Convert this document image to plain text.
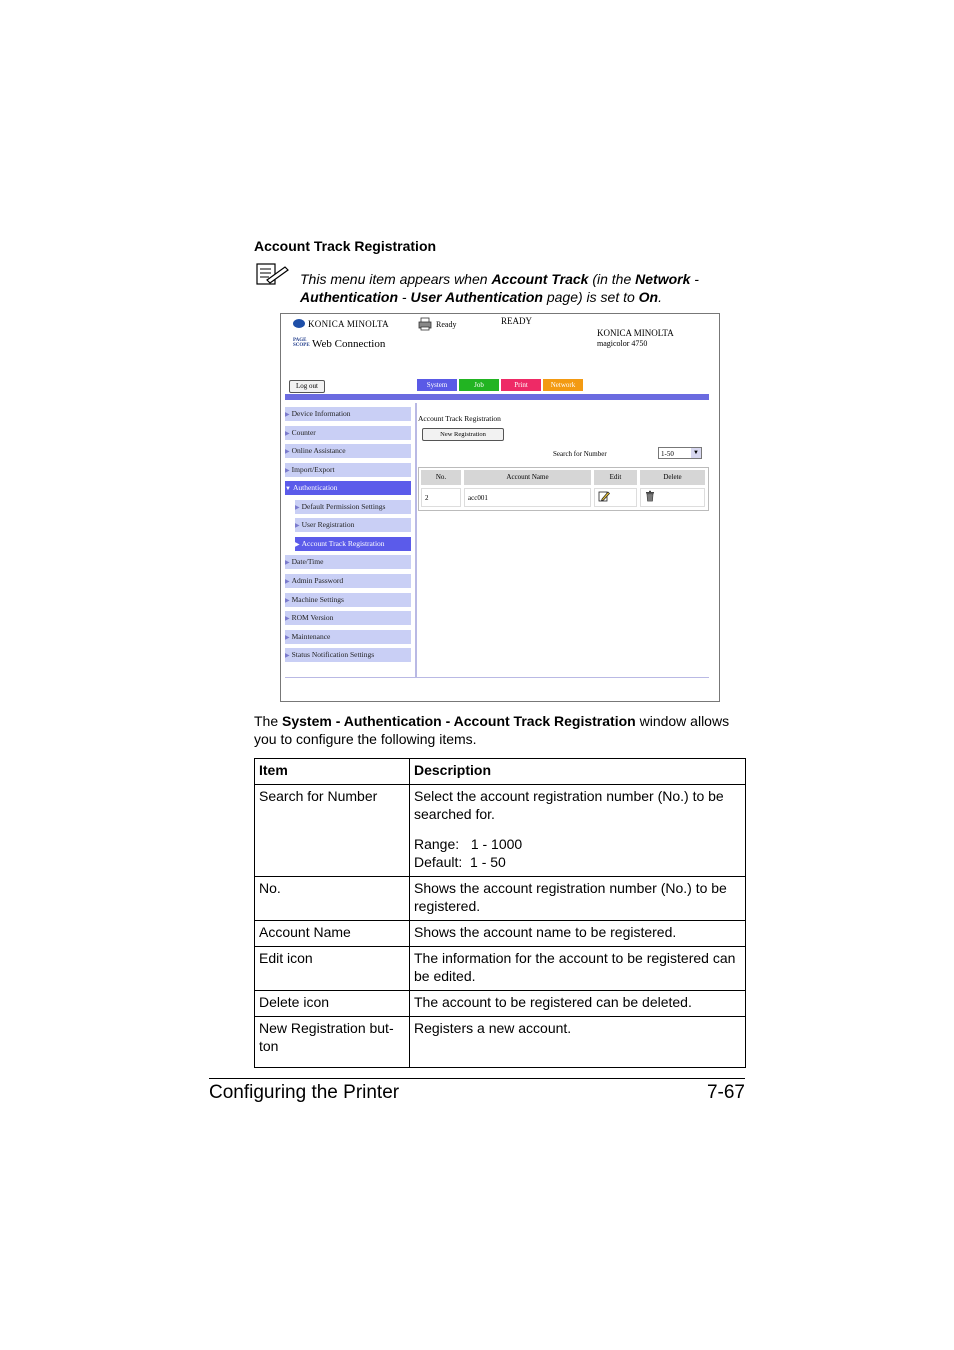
Account Track Registration
This menu item appears when Account Track (in the Network - Authentication - User Authentication page) is set to On.
KONICA MINOLTA
PAGE SCOPE Web Connection
Ready	READY
KONICA MINOLTA
magicolor 4750
Log out	System	Job	Print	Network
▶ Device Information
▶ Counter
▶ Online Assistance
▶ Import/Export
▼ Authentication
▶ Default Permission Settings
▶ User Registration
▶ Account Track Registration
▶ Date/Time
▶ Admin Password
▶ Machine Settings
▶ ROM Version
▶ Maintenance
▶ Status Notification Settings
Account Track Registration
New Registration
Search for Number	1-50	▼
No.	Account Name	Edit	Delete
2	acc001
The System - Authentication - Account Track Registration window allows you to configure the following items.
Item	Description
Search for Number	Select the account registration number (No.) to be searched for.
Range:   1 - 1000
Default:  1 - 50

No.	Shows the account registration number (No.) to be registered.
Account Name	Shows the account name to be registered.
Edit icon	The information for the account to be registered can be edited.
Delete icon	The account to be registered can be deleted.
New Registration but-ton	Registers a new account.
Configuring the Printer	7-67
